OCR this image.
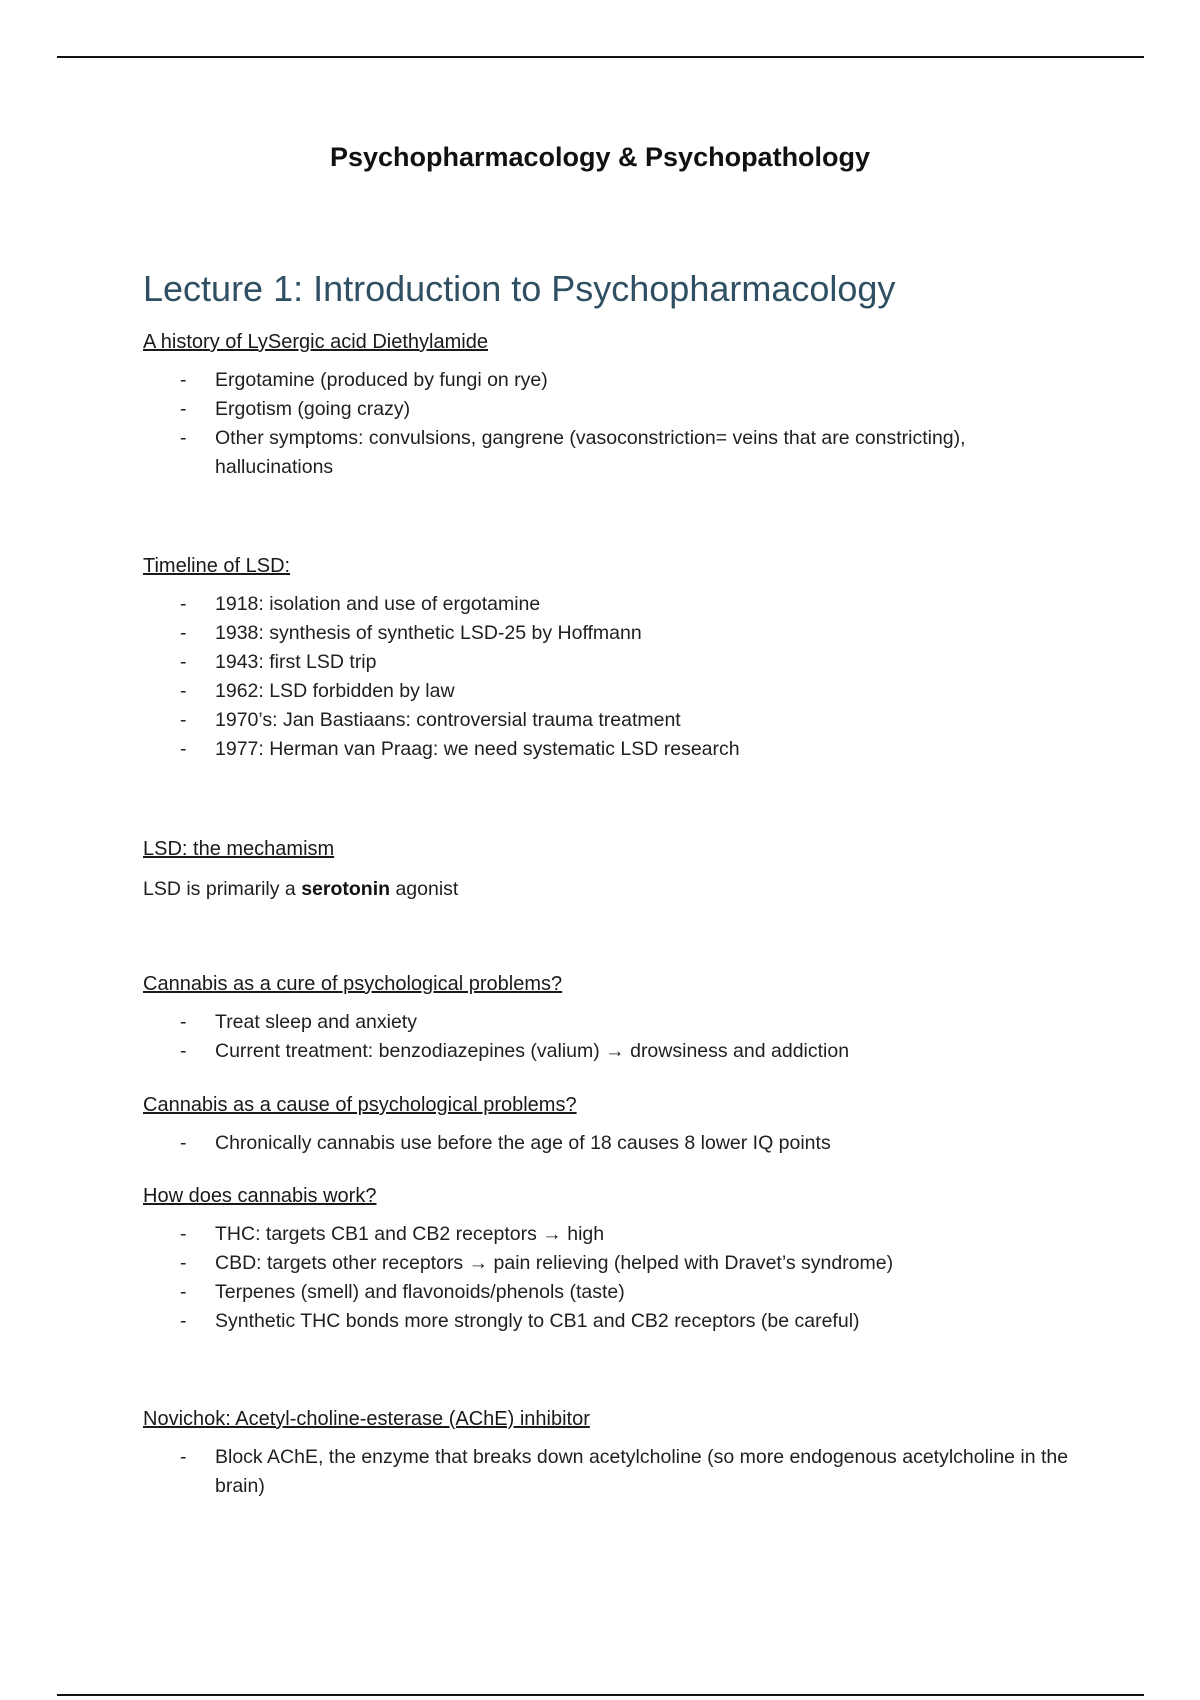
Psychopharmacology & Psychopathology
Lecture 1: Introduction to Psychopharmacology

A history of LySergic acid Diethylamide

- Ergotamine (produced by fungi on rye)
- Ergotism (going crazy)
- Other symptoms: convulsions, gangrene (vasoconstriction= veins that are constricting), hallucinations

Timeline of LSD:

- 1918: isolation and use of ergotamine
- 1938: synthesis of synthetic LSD-25 by Hoffmann
- 1943: first LSD trip
- 1962: LSD forbidden by law
- 1970’s: Jan Bastiaans: controversial trauma treatment
- 1977: Herman van Praag: we need systematic LSD research

LSD: the mechamism

LSD is primarily a serotonin agonist

Cannabis as a cure of psychological problems?

- Treat sleep and anxiety
- Current treatment: benzodiazepines (valium) → drowsiness and addiction

Cannabis as a cause of psychological problems?

- Chronically cannabis use before the age of 18 causes 8 lower IQ points

How does cannabis work?

- THC: targets CB1 and CB2 receptors → high
- CBD: targets other receptors → pain relieving (helped with Dravet’s syndrome)
- Terpenes (smell) and flavonoids/phenols (taste)
- Synthetic THC bonds more strongly to CB1 and CB2 receptors (be careful)

Novichok: Acetyl-choline-esterase (AChE) inhibitor

- Block AChE, the enzyme that breaks down acetylcholine (so more endogenous acetylcholine in the brain)
